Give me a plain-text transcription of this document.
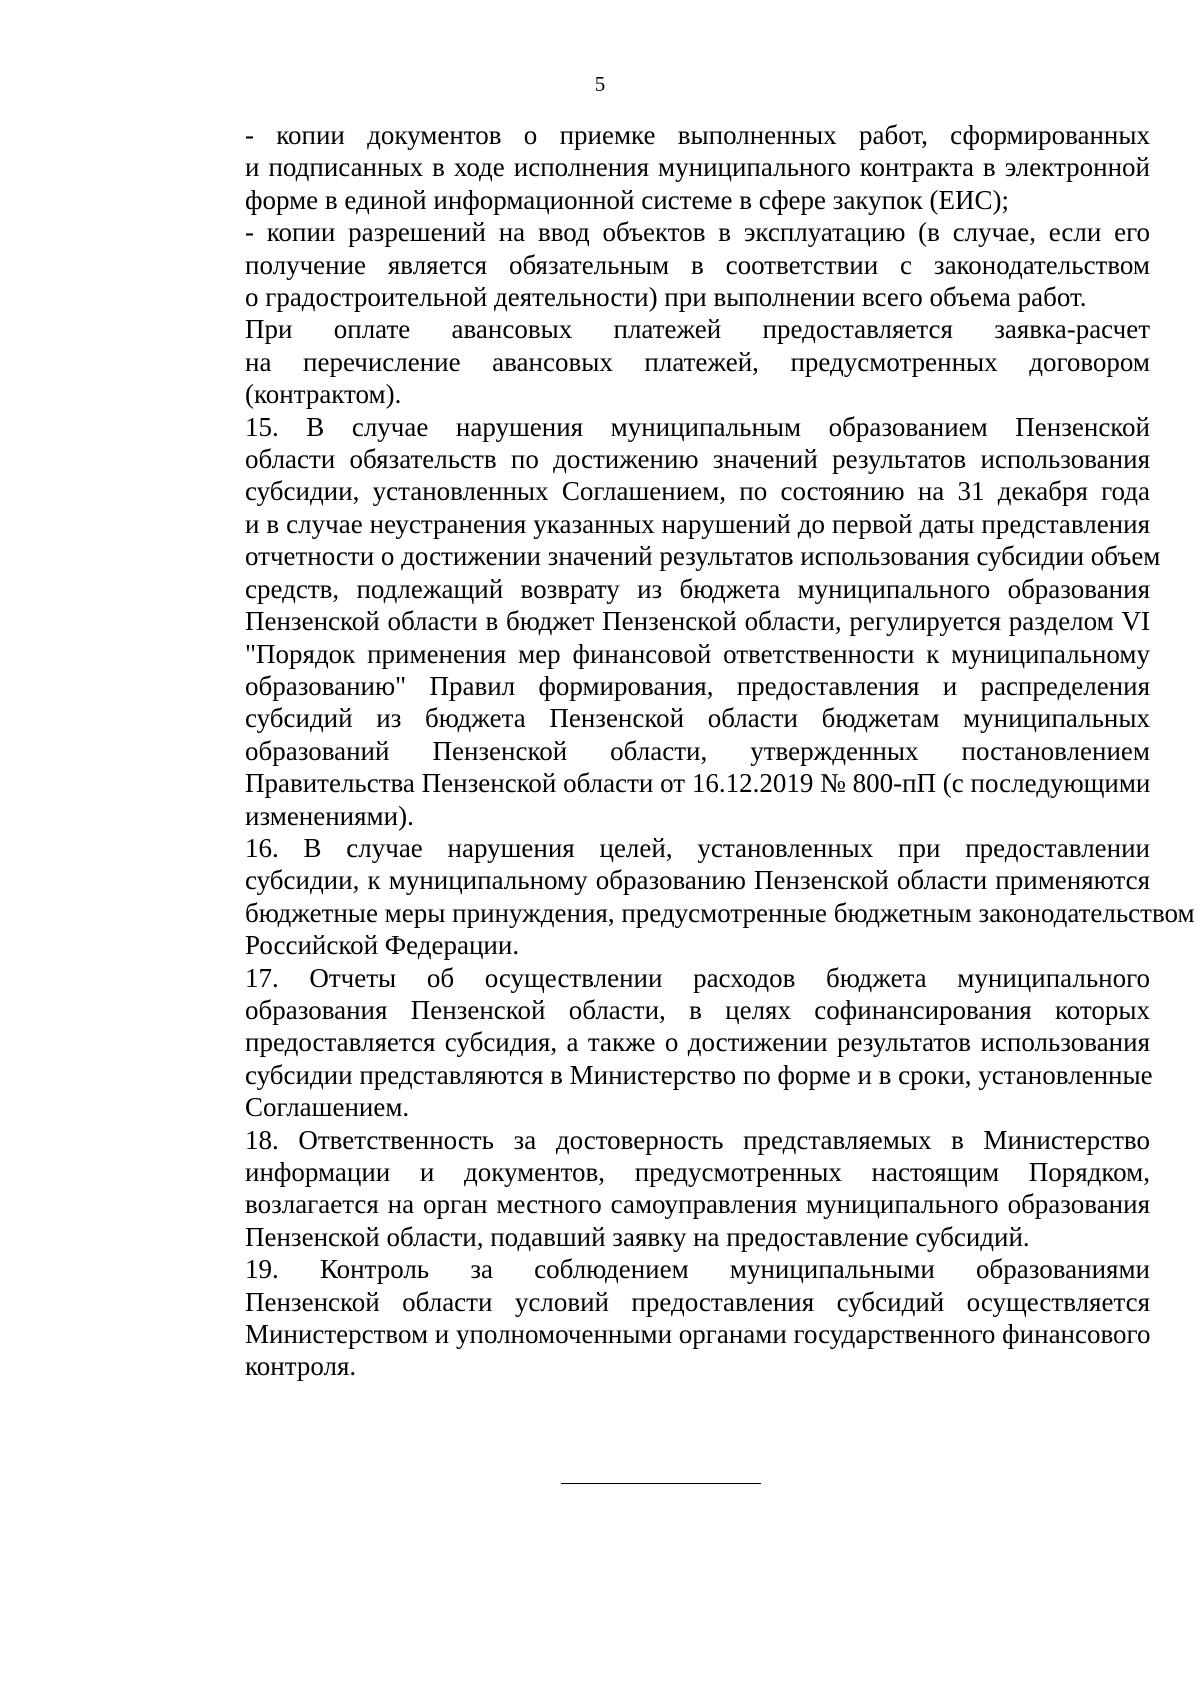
5
- копии документов о приемке выполненных работ, сформированных
и подписанных в ходе исполнения муниципального контракта в электронной
форме в единой информационной системе в сфере закупок (ЕИС);
- копии разрешений на ввод объектов в эксплуатацию (в случае, если его
получение является обязательным в соответствии с законодательством
о градостроительной деятельности) при выполнении всего объема работ.
При оплате авансовых платежей предоставляется заявка-расчет
на перечисление авансовых платежей, предусмотренных договором
(контрактом).
15. В случае нарушения муниципальным образованием Пензенской
области обязательств по достижению значений результатов использования
субсидии, установленных Соглашением, по состоянию на 31 декабря года
и в случае неустранения указанных нарушений до первой даты представления
отчетности о достижении значений результатов использования субсидии объем
средств, подлежащий возврату из бюджета муниципального образования
Пензенской области в бюджет Пензенской области, регулируется разделом VI
"Порядок применения мер финансовой ответственности к муниципальному
образованию" Правил формирования, предоставления и распределения
субсидий из бюджета Пензенской области бюджетам муниципальных
образований Пензенской области, утвержденных постановлением
Правительства Пензенской области от 16.12.2019 № 800-пП (с последующими
изменениями).
16. В случае нарушения целей, установленных при предоставлении
субсидии, к муниципальному образованию Пензенской области применяются
бюджетные меры принуждения, предусмотренные бюджетным законодательством
Российской Федерации.
17. Отчеты об осуществлении расходов бюджета муниципального
образования Пензенской области, в целях софинансирования которых
предоставляется субсидия, а также о достижении результатов использования
субсидии представляются в Министерство по форме и в сроки, установленные
Соглашением.
18. Ответственность за достоверность представляемых в Министерство
информации и документов, предусмотренных настоящим Порядком,
возлагается на орган местного самоуправления муниципального образования
Пензенской области, подавший заявку на предоставление субсидий.
19. Контроль за соблюдением муниципальными образованиями
Пензенской области условий предоставления субсидий осуществляется
Министерством и уполномоченными органами государственного финансового
контроля.
